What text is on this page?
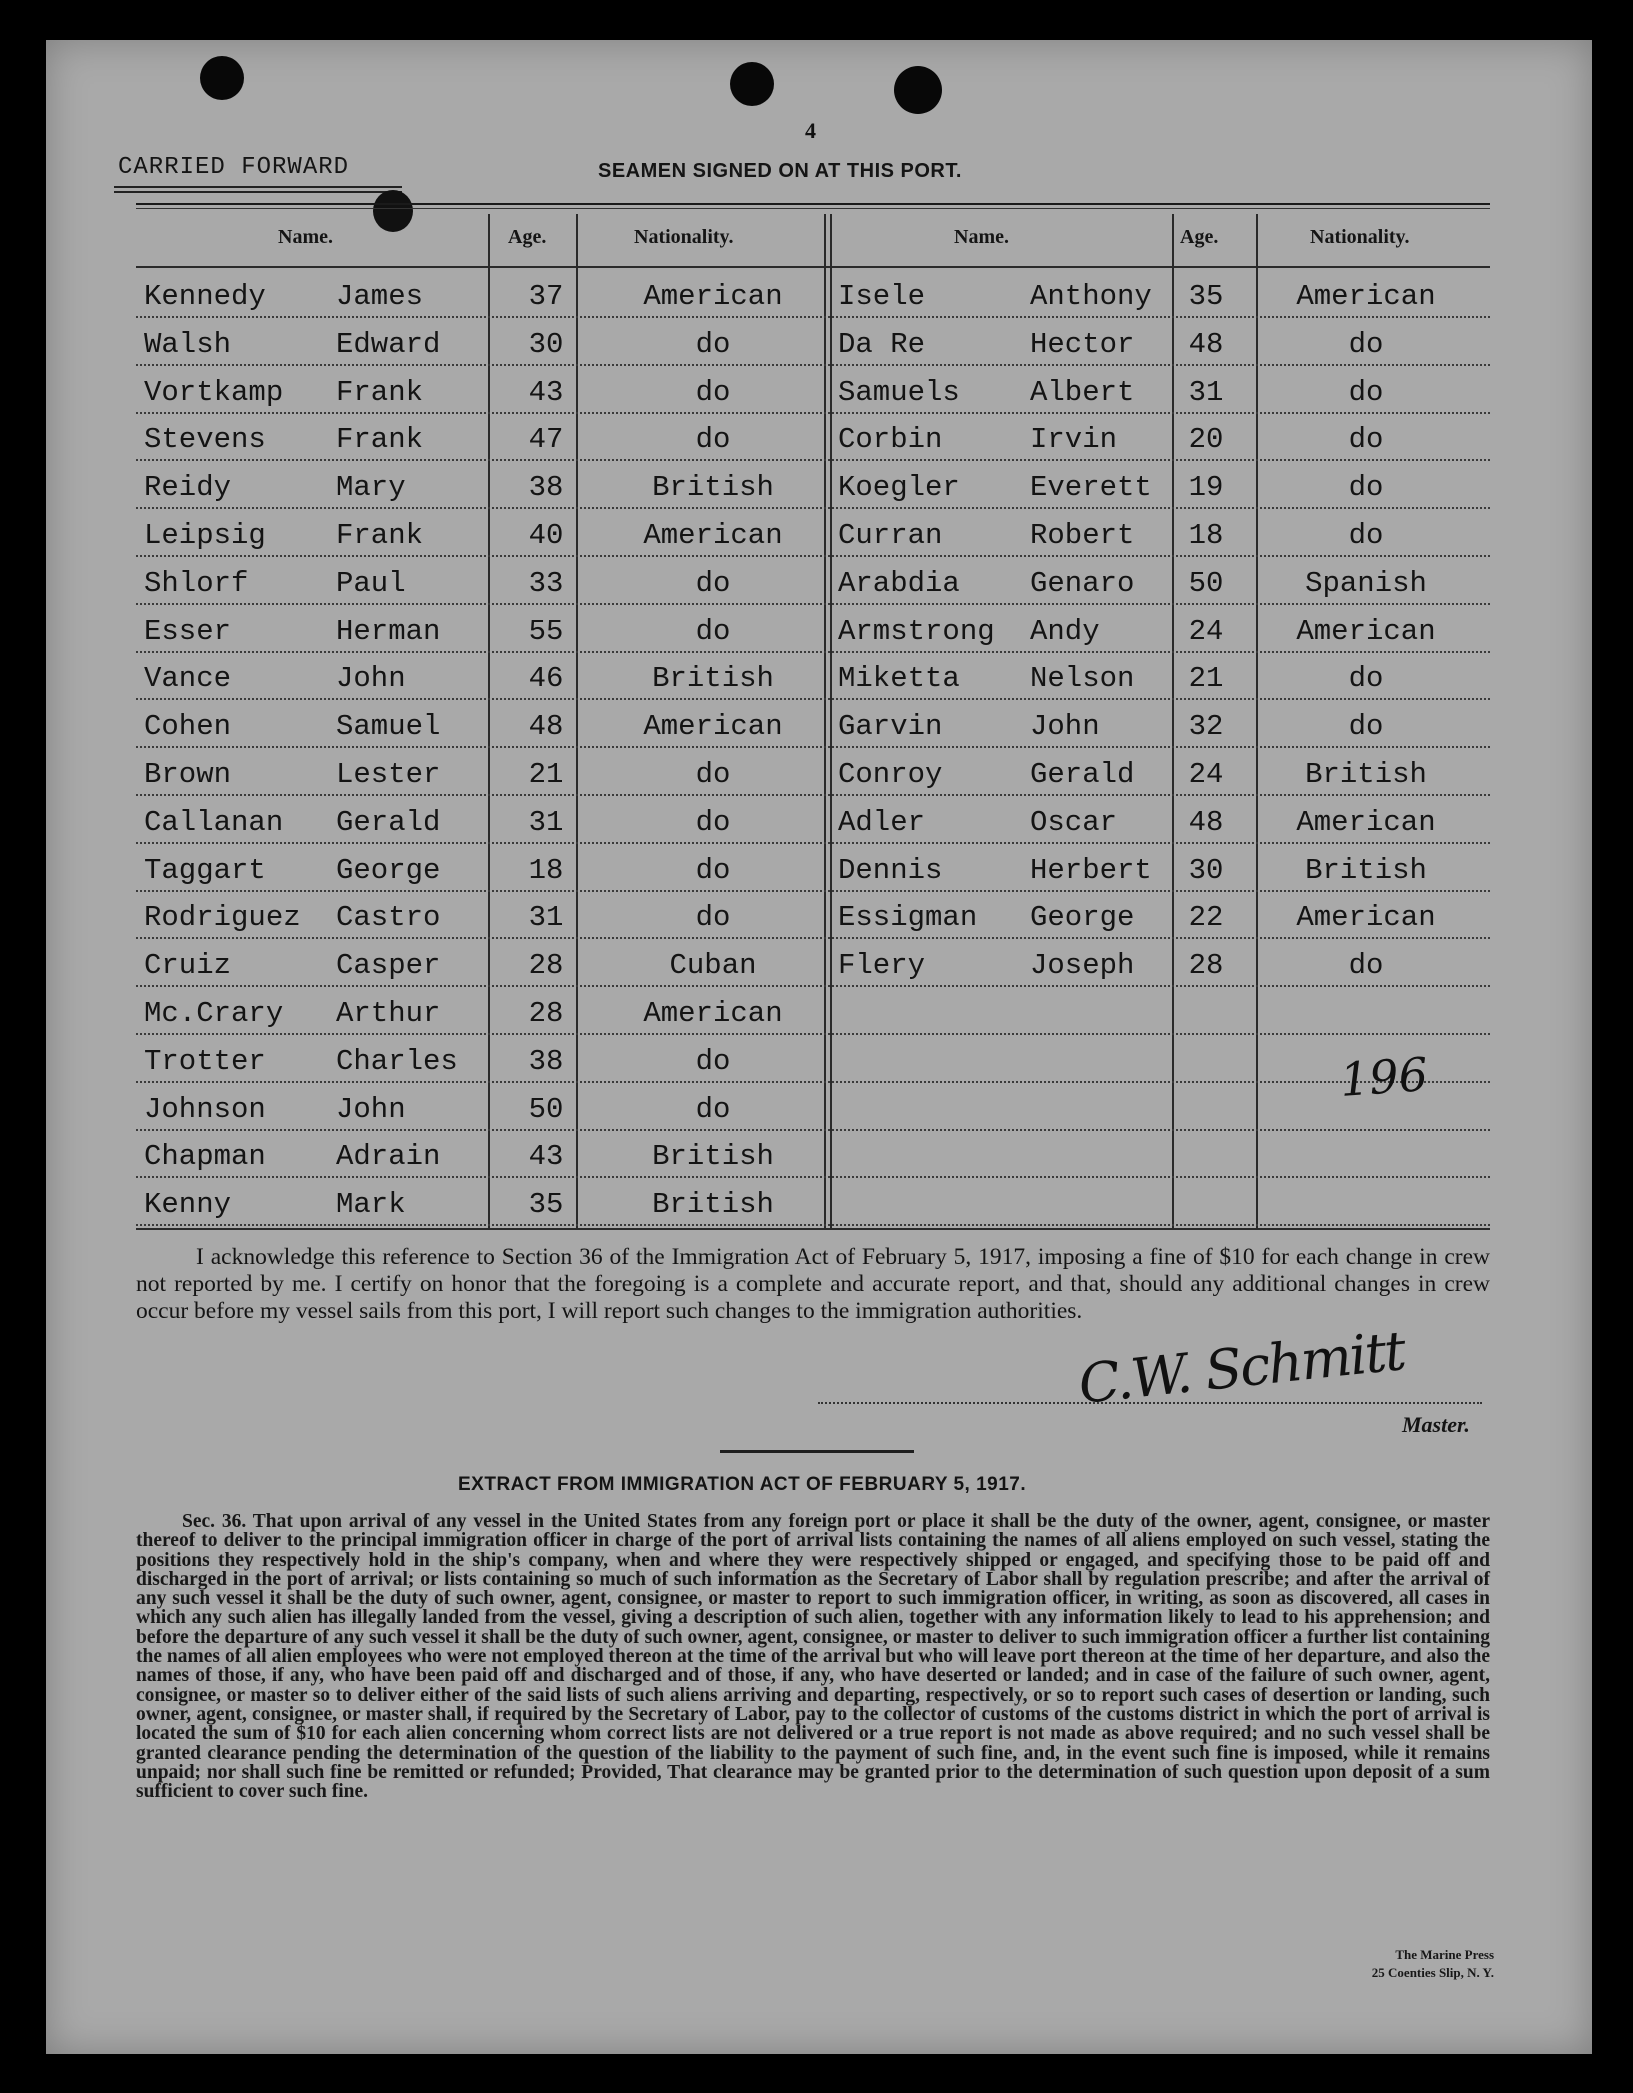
4
CARRIED FORWARD	SEAMEN SIGNED ON AT THIS PORT.
Name.	Age.	Nationality.	Name.	Age.	Nationality.
Kennedy James	37	American	Isele	Anthony	35	American
Walsh	Edward	30	do	Da Re	Hector	48	do
Vortkamp Frank	43	do	Samuels Albert	31	do
Stevens Frank	47	do	Corbin	Irvin	20	do
Reidy	Mary	38	British	Koegler Everett	19	do
Leipsig Frank	40	American	Curran	Robert	18	do
Shlorf	Paul	33	do	Arabdia Genaro	50	Spanish
Esser	Herman	55	do	Armstrong Andy	24	American
Vance	John	46	British	Miketta Nelson	21	do
Cohen	Samuel	48	American	Garvin	John	32	do
Brown	Lester	21	do	Conroy	Gerald	24	British
Callanan Gerald	31	do	Adler	Oscar	48	American
Taggart George	18	do	Dennis	Herbert	30	British
Rodriguez Castro	31	do	Essigman George	22	American
Cruiz	Casper	28	Cuban	Flery	Joseph	28	do
Mc.Crary Arthur	28	American
Trotter Charles	38	do
Johnson John	50	do
Chapman Adrain	43	British
Kenny	Mark	35	British
196
I acknowledge this reference to Section 36 of the Immigration Act of February 5, 1917, imposing a fine of $10 for each change in crew not reported by me. I certify on honor that the foregoing is a complete and accurate report, and that, should any additional changes in crew occur before my vessel sails from this port, I will report such changes to the immigration authorities.
C.W. Schmitt
Master.
EXTRACT FROM IMMIGRATION ACT OF FEBRUARY 5, 1917.
Sec. 36. That upon arrival of any vessel in the United States from any foreign port or place it shall be the duty of the owner, agent, consignee, or master thereof to deliver to the principal immigration officer in charge of the port of arrival lists containing the names of all aliens employed on such vessel, stating the positions they respectively hold in the ship's company, when and where they were respectively shipped or engaged, and specifying those to be paid off and discharged in the port of arrival; or lists containing so much of such information as the Secretary of Labor shall by regulation prescribe; and after the arrival of any such vessel it shall be the duty of such owner, agent, consignee, or master to report to such immigration officer, in writing, as soon as discovered, all cases in which any such alien has illegally landed from the vessel, giving a description of such alien, together with any information likely to lead to his apprehension; and before the departure of any such vessel it shall be the duty of such owner, agent, consignee, or master to deliver to such immigration officer a further list containing the names of all alien employees who were not employed thereon at the time of the arrival but who will leave port thereon at the time of her departure, and also the names of those, if any, who have been paid off and discharged and of those, if any, who have deserted or landed; and in case of the failure of such owner, agent, consignee, or master so to deliver either of the said lists of such aliens arriving and departing, respectively, or so to report such cases of desertion or landing, such owner, agent, consignee, or master shall, if required by the Secretary of Labor, pay to the collector of customs of the customs district in which the port of arrival is located the sum of $10 for each alien concerning whom correct lists are not delivered or a true report is not made as above required; and no such vessel shall be granted clearance pending the determination of the question of the liability to the payment of such fine, and, in the event such fine is imposed, while it remains unpaid; nor shall such fine be remitted or refunded; Provided, That clearance may be granted prior to the determination of such question upon deposit of a sum sufficient to cover such fine.
The Marine Press
25 Coenties Slip, N. Y.
